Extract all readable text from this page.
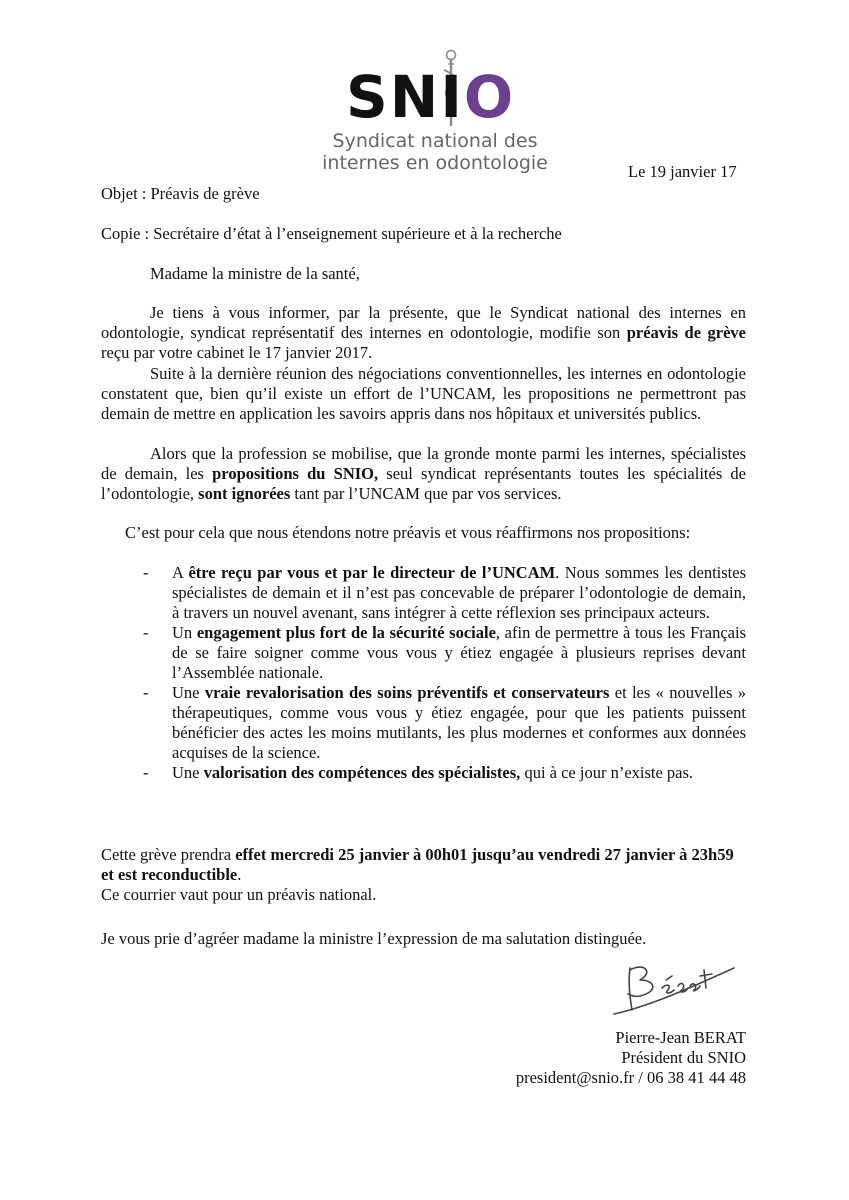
SNIO
Syndicat national des
internes en odontologie	Le 19 janvier 17
Objet : Préavis de grève
Copie : Secrétaire d’état à l’enseignement supérieure et à la recherche
Madame la ministre de la santé,
Je tiens à vous informer, par la présente, que le Syndicat national des internes en odontologie, syndicat représentatif des internes en odontologie, modifie son préavis de grève reçu par votre cabinet le 17 janvier 2017.
Suite à la dernière réunion des négociations conventionnelles, les internes en odontologie constatent que, bien qu’il existe un effort de l’UNCAM, les propositions ne permettront pas demain de mettre en application les savoirs appris dans nos hôpitaux et universités publics.
Alors que la profession se mobilise, que la gronde monte parmi les internes, spécialistes de demain, les propositions du SNIO, seul syndicat représentants toutes les spécialités de l’odontologie, sont ignorées tant par l’UNCAM que par vos services.
C’est pour cela que nous étendons notre préavis et vous réaffirmons nos propositions:
- A être reçu par vous et par le directeur de l’UNCAM. Nous sommes les dentistes spécialistes de demain et il n’est pas concevable de préparer l’odontologie de demain, à travers un nouvel avenant, sans intégrer à cette réflexion ses principaux acteurs.
- Un engagement plus fort de la sécurité sociale, afin de permettre à tous les Français de se faire soigner comme vous vous y étiez engagée à plusieurs reprises devant l’Assemblée nationale.
- Une vraie revalorisation des soins préventifs et conservateurs et les « nouvelles » thérapeutiques, comme vous vous y étiez engagée, pour que les patients puissent bénéficier des actes les moins mutilants, les plus modernes et conformes aux données acquises de la science.
- Une valorisation des compétences des spécialistes, qui à ce jour n’existe pas.
Cette grève prendra effet mercredi 25 janvier à 00h01 jusqu’au vendredi 27 janvier à 23h59 et est reconductible.
Ce courrier vaut pour un préavis national.
Je vous prie d’agréer madame la ministre l’expression de ma salutation distinguée.
Pierre-Jean BERAT
Président du SNIO
president@snio.fr / 06 38 41 44 48
